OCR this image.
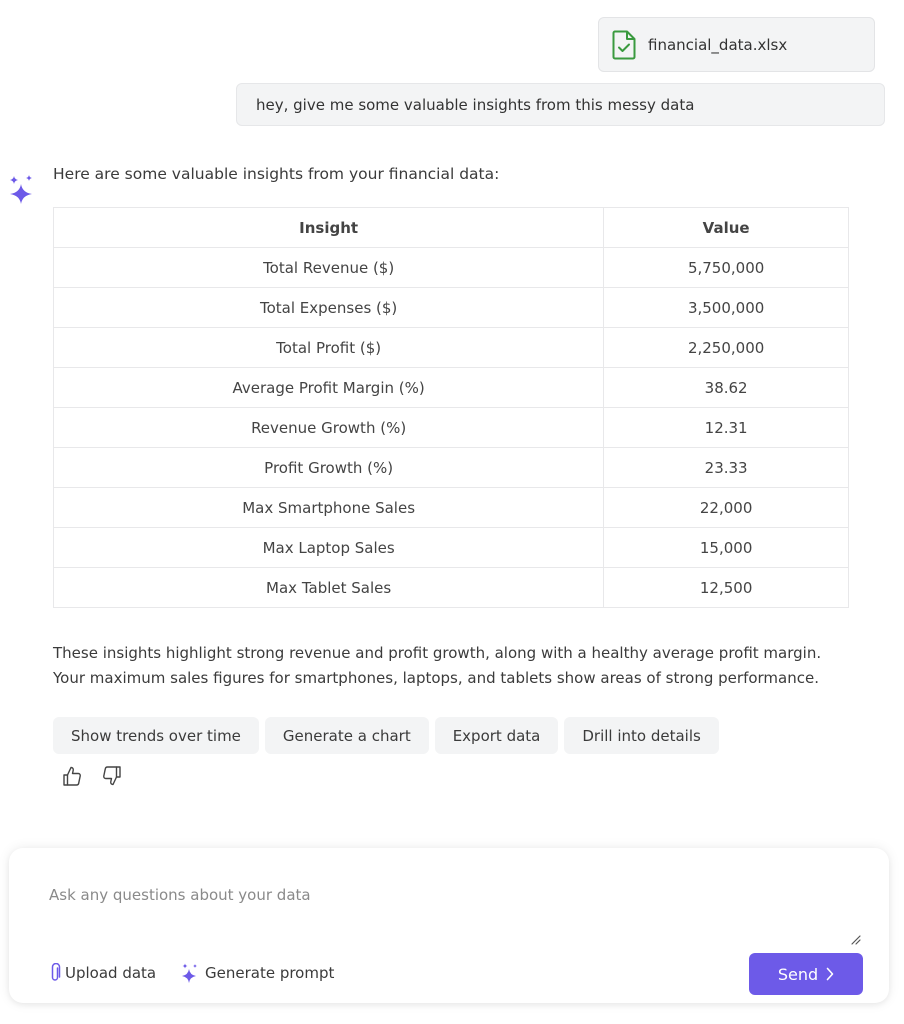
financial_data.xlsx
hey, give me some valuable insights from this messy data
Here are some valuable insights from your financial data:
Insight	Value
Total Revenue ($)	5,750,000
Total Expenses ($)	3,500,000
Total Profit ($)	2,250,000
Average Profit Margin (%)	38.62
Revenue Growth (%)	12.31
Profit Growth (%)	23.33
Max Smartphone Sales	22,000
Max Laptop Sales	15,000
Max Tablet Sales	12,500
These insights highlight strong revenue and profit growth, along with a healthy average profit margin. Your maximum sales figures for smartphones, laptops, and tablets show areas of strong performance.
Show trends over time	Generate a chart	Export data	Drill into details
Ask any questions about your data
Upload data	Generate prompt	Send
